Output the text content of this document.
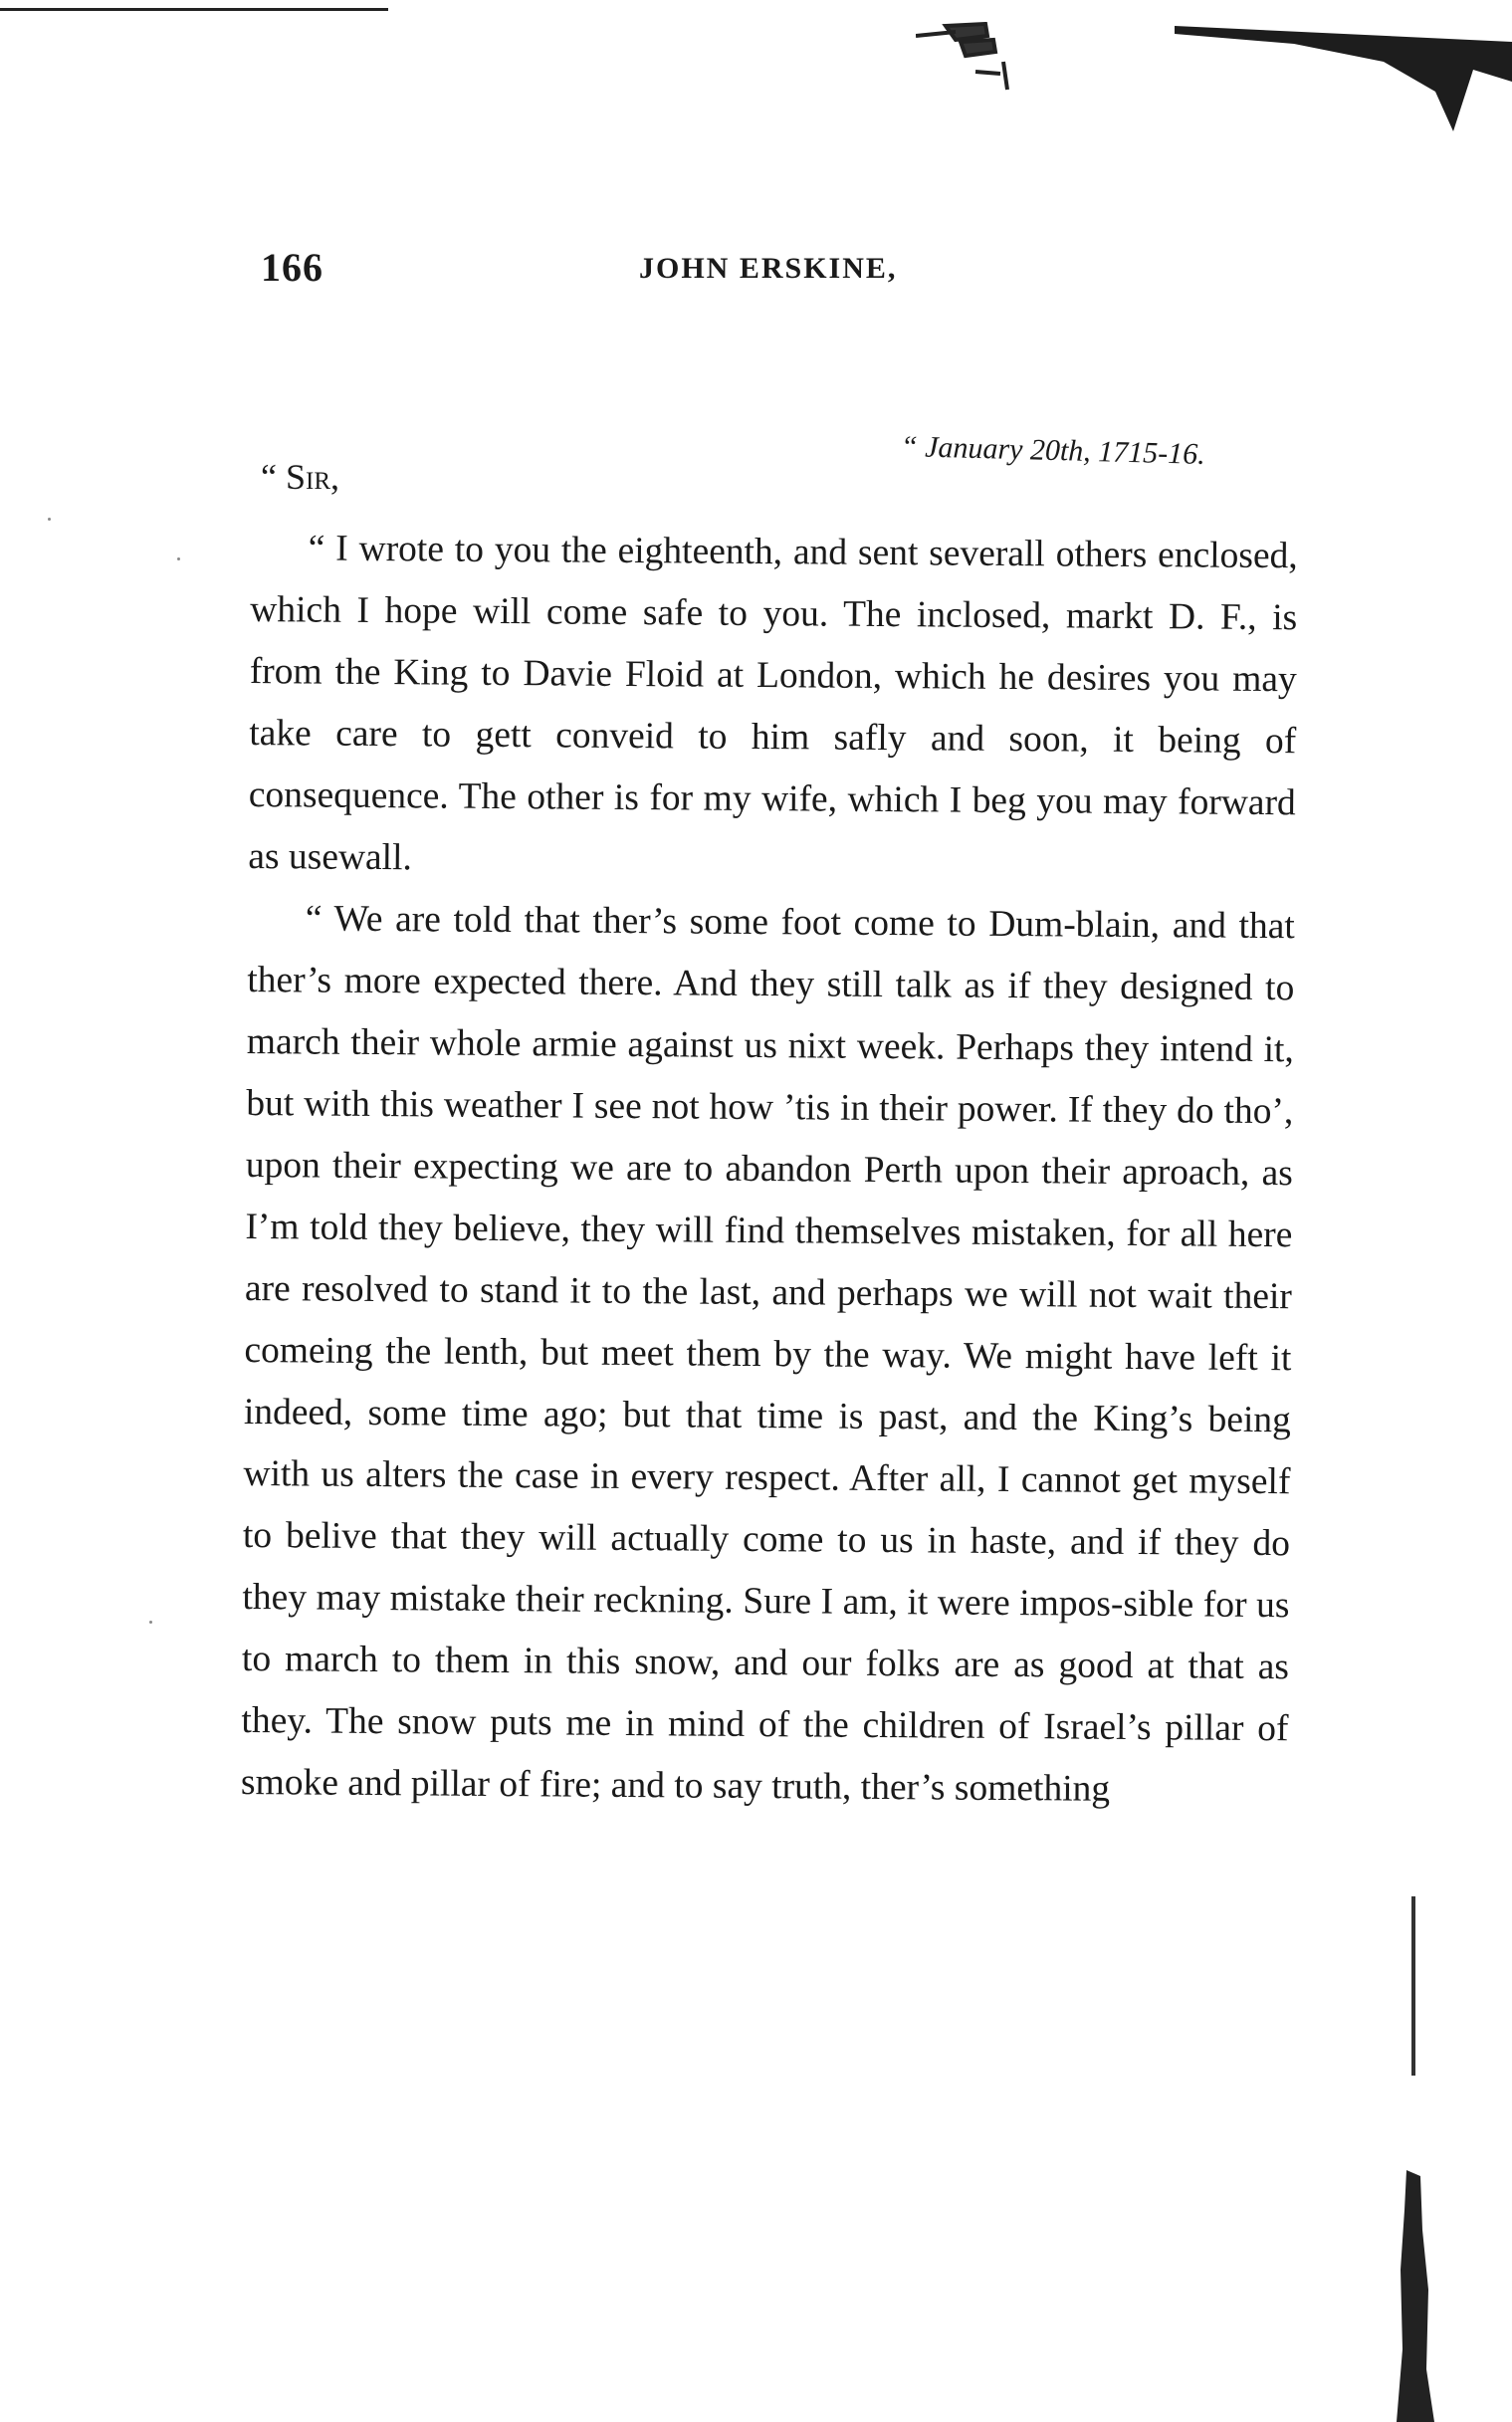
166	JOHN ERSKINE,
“ January 20th, 1715-16.
“ Sir,

“ I wrote to you the eighteenth, and sent severall others enclosed, which I hope will come safe to you. The inclosed, markt D. F., is from the King to Davie Floid at London, which he desires you may take care to gett conveid to him safly and soon, it being of consequence. The other is for my wife, which I beg you may forward as usewall.

“ We are told that ther’s some foot come to Dum-blain, and that ther’s more expected there. And they still talk as if they designed to march their whole armie against us nixt week. Perhaps they intend it, but with this weather I see not how ’tis in their power. If they do tho’, upon their expecting we are to abandon Perth upon their aproach, as I’m told they believe, they will find themselves mistaken, for all here are resolved to stand it to the last, and perhaps we will not wait their comeing the lenth, but meet them by the way. We might have left it indeed, some time ago; but that time is past, and the King’s being with us alters the case in every respect. After all, I cannot get myself to belive that they will actually come to us in haste, and if they do they may mistake their reckning. Sure I am, it were impos-sible for us to march to them in this snow, and our folks are as good at that as they. The snow puts me in mind of the children of Israel’s pillar of smoke and pillar of fire; and to say truth, ther’s something
